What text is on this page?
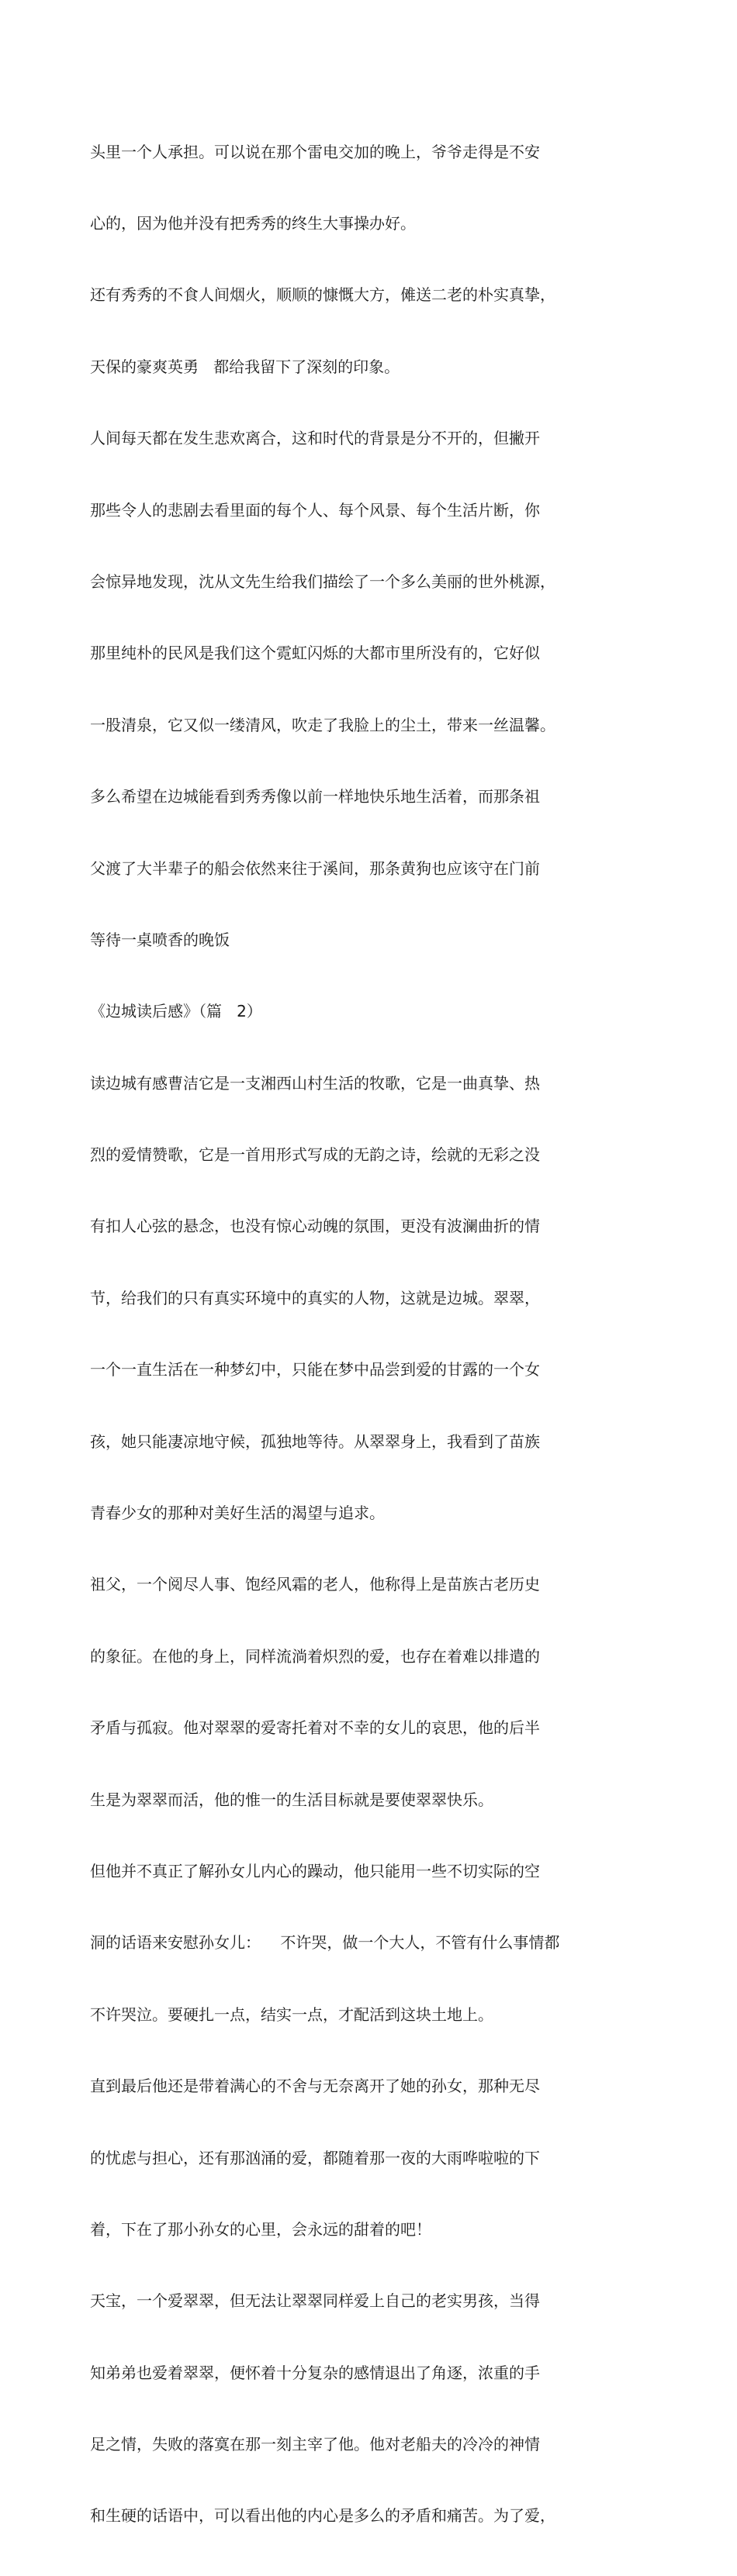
头里一个人承担。可以说在那个雷电交加的晚上，爷爷走得是不安

心的，因为他并没有把秀秀的终生大事操办好。

还有秀秀的不食人间烟火，顺顺的慷慨大方，傩送二老的朴实真挚，

天保的豪爽英勇   都给我留下了深刻的印象。

人间每天都在发生悲欢离合，这和时代的背景是分不开的，但撇开

那些令人的悲剧去看里面的每个人、每个风景、每个生活片断，你

会惊异地发现，沈从文先生给我们描绘了一个多么美丽的世外桃源，

那里纯朴的民风是我们这个霓虹闪烁的大都市里所没有的，它好似

一股清泉，它又似一缕清风，吹走了我脸上的尘土，带来一丝温馨。

多么希望在边城能看到秀秀像以前一样地快乐地生活着，而那条祖

父渡了大半辈子的船会依然来往于溪间，那条黄狗也应该守在门前

等待一桌喷香的晚饭

《边城读后感》（篇   2）

读边城有感曹洁它是一支湘西山村生活的牧歌，它是一曲真挚、热

烈的爱情赞歌，它是一首用形式写成的无韵之诗，绘就的无彩之没

有扣人心弦的悬念，也没有惊心动魄的氛围，更没有波澜曲折的情

节，给我们的只有真实环境中的真实的人物，这就是边城。翠翠，

一个一直生活在一种梦幻中，只能在梦中品尝到爱的甘露的一个女

孩，她只能凄凉地守候，孤独地等待。从翠翠身上，我看到了苗族

青春少女的那种对美好生活的渴望与追求。

祖父，一个阅尽人事、饱经风霜的老人，他称得上是苗族古老历史

的象征。在他的身上，同样流淌着炽烈的爱，也存在着难以排遣的

矛盾与孤寂。他对翠翠的爱寄托着对不幸的女儿的哀思，他的后半

生是为翠翠而活，他的惟一的生活目标就是要使翠翠快乐。

但他并不真正了解孙女儿内心的躁动，他只能用一些不切实际的空

洞的话语来安慰孙女儿：    不许哭，做一个大人，不管有什么事情都

不许哭泣。要硬扎一点，结实一点，才配活到这块土地上。

直到最后他还是带着满心的不舍与无奈离开了她的孙女，那种无尽

的忧虑与担心，还有那汹涌的爱，都随着那一夜的大雨哗啦啦的下

着，下在了那小孙女的心里，会永远的甜着的吧！

天宝，一个爱翠翠，但无法让翠翠同样爱上自己的老实男孩，当得

知弟弟也爱着翠翠，便怀着十分复杂的感情退出了角逐，浓重的手

足之情，失败的落寞在那一刻主宰了他。他对老船夫的冷冷的神情

和生硬的话语中，可以看出他的内心是多么的矛盾和痛苦。为了爱，
